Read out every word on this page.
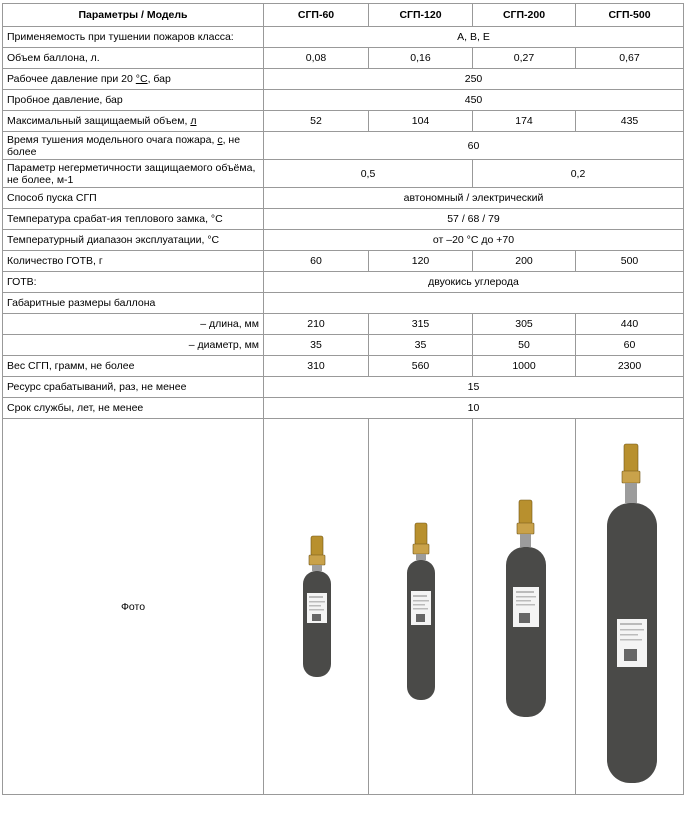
Параметры / Модель	СГП-60	СГП-120	СГП-200	СГП-500
Применяемость при тушении пожаров класса:	A, B, E			
Объем баллона, л.	0,08	0,16	0,27	0,67
Рабочее давление при 20 °C, бар	250			
Пробное давление, бар	450			
Максимальный защищаемый объем, л	52	104	174	435
Время тушения модельного очага пожара, с, не более	60			
Параметр негерметичности защищаемого объёма, не более, м-1	0,5		0,2	
Способ пуска СГП	автономный / электрический			
Температура срабат-ия теплового замка, °C	57 / 68 / 79			
Температурный диапазон эксплуатации, °C	от –20 °C до +70			
Количество ГОТВ, г	60	120	200	500
ГОТВ:	двуокись углерода			
Габаритные размеры баллона				
– длина, мм	210	315	305	440
– диаметр, мм	35	35	50	60
Вес СГП, грамм, не более	310	560	1000	2300
Ресурс срабатываний, раз, не менее	15			
Срок службы, лет, не менее	10			
Фото	
